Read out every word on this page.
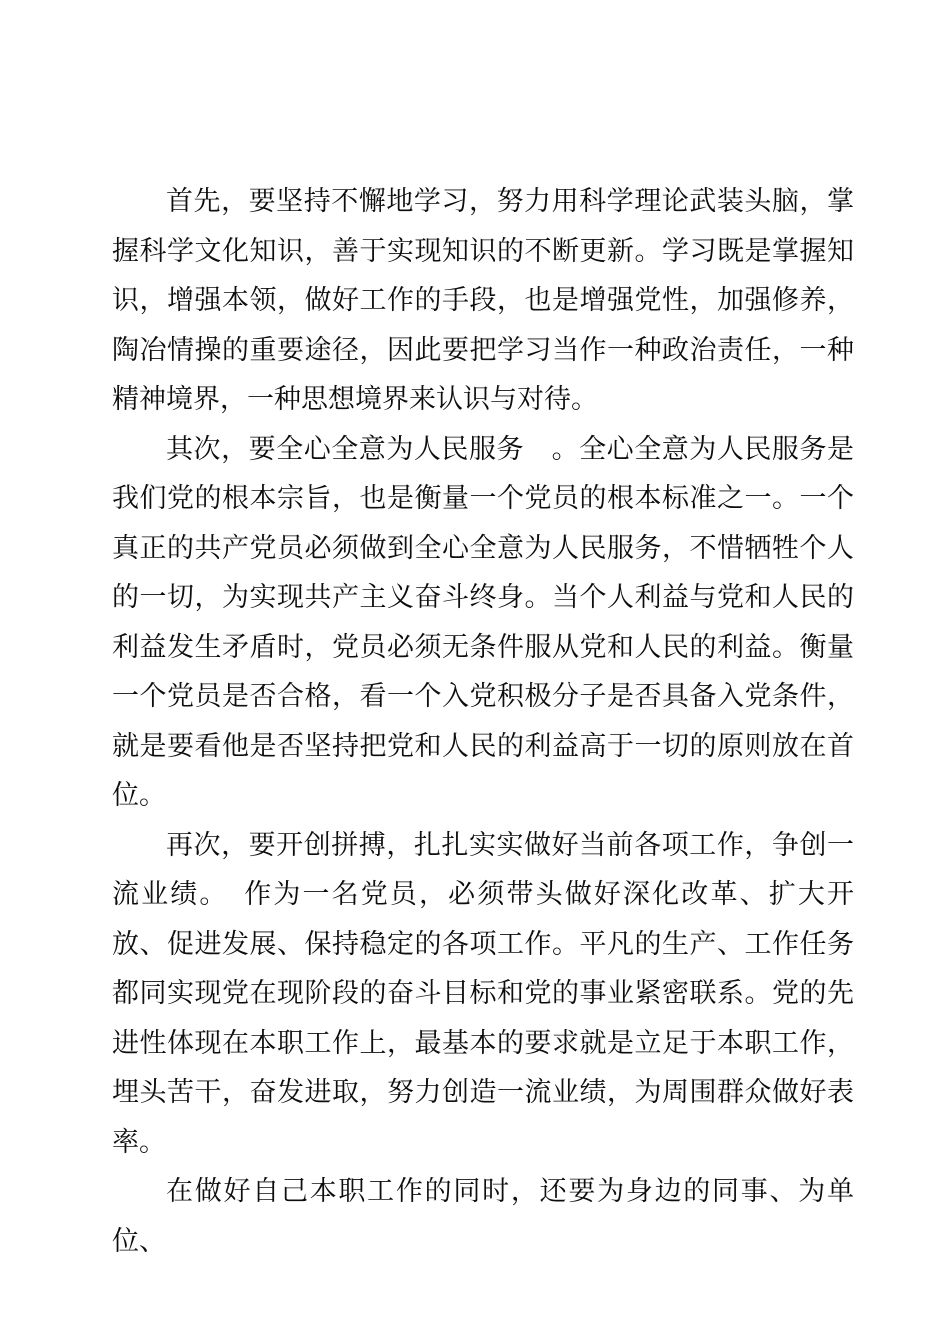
首先，要坚持不懈地学习，努力用科学理论武装头脑，掌握科学文化知识，善于实现知识的不断更新。学习既是掌握知识，增强本领，做好工作的手段，也是增强党性，加强修养，陶冶情操的重要途径，因此要把学习当作一种政治责任，一种精神境界，一种思想境界来认识与对待。

其次，要全心全意为人民服务　。全心全意为人民服务是我们党的根本宗旨，也是衡量一个党员的根本标准之一。一个真正的共产党员必须做到全心全意为人民服务，不惜牺牲个人的一切，为实现共产主义奋斗终身。当个人利益与党和人民的利益发生矛盾时，党员必须无条件服从党和人民的利益。衡量一个党员是否合格，看一个入党积极分子是否具备入党条件，就是要看他是否坚持把党和人民的利益高于一切的原则放在首位。

再次，要开创拼搏，扎扎实实做好当前各项工作，争创一流业绩。　作为一名党员，必须带头做好深化改革、扩大开放、促进发展、保持稳定的各项工作。平凡的生产、工作任务都同实现党在现阶段的奋斗目标和党的事业紧密联系。党的先进性体现在本职工作上，最基本的要求就是立足于本职工作，埋头苦干，奋发进取，努力创造一流业绩，为周围群众做好表率。

在做好自己本职工作的同时，还要为身边的同事、为单位、
